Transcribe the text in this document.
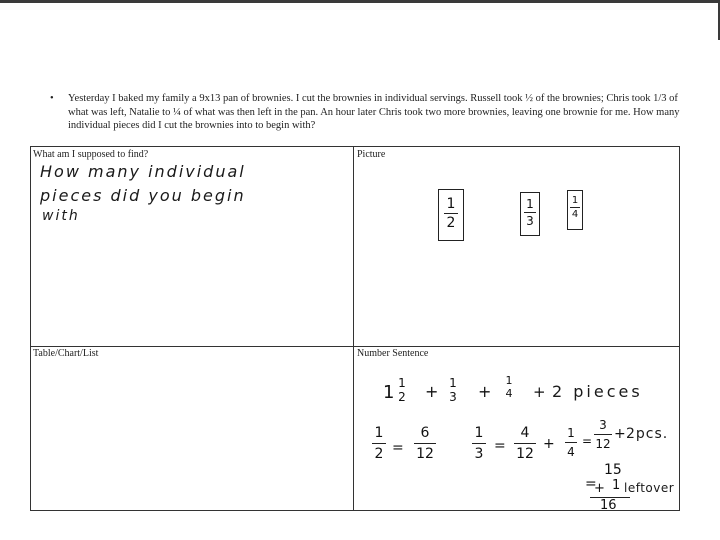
• Yesterday I baked my family a 9x13 pan of brownies. I cut the brownies in individual servings. Russell took ½ of the brownies; Chris took 1/3 of what was left, Natalie to ¼ of what was then left in the pan. An hour later Chris took two more brownies, leaving one brownie for me. How many individual pieces did I cut the brownies into to begin with?
What am I supposed to find?	Picture
Table/Chart/List	Number Sentence
How many individual
pieces did you begin
with
1
2
1
3
1
4
1 1
2 + 1
3 +
1
4 + 2 pieces
1
2 =
6
12
1
3
=
4
12
+
1
4
=
3
12
+ 2pcs.
15
=
+ 1 leftover
16
